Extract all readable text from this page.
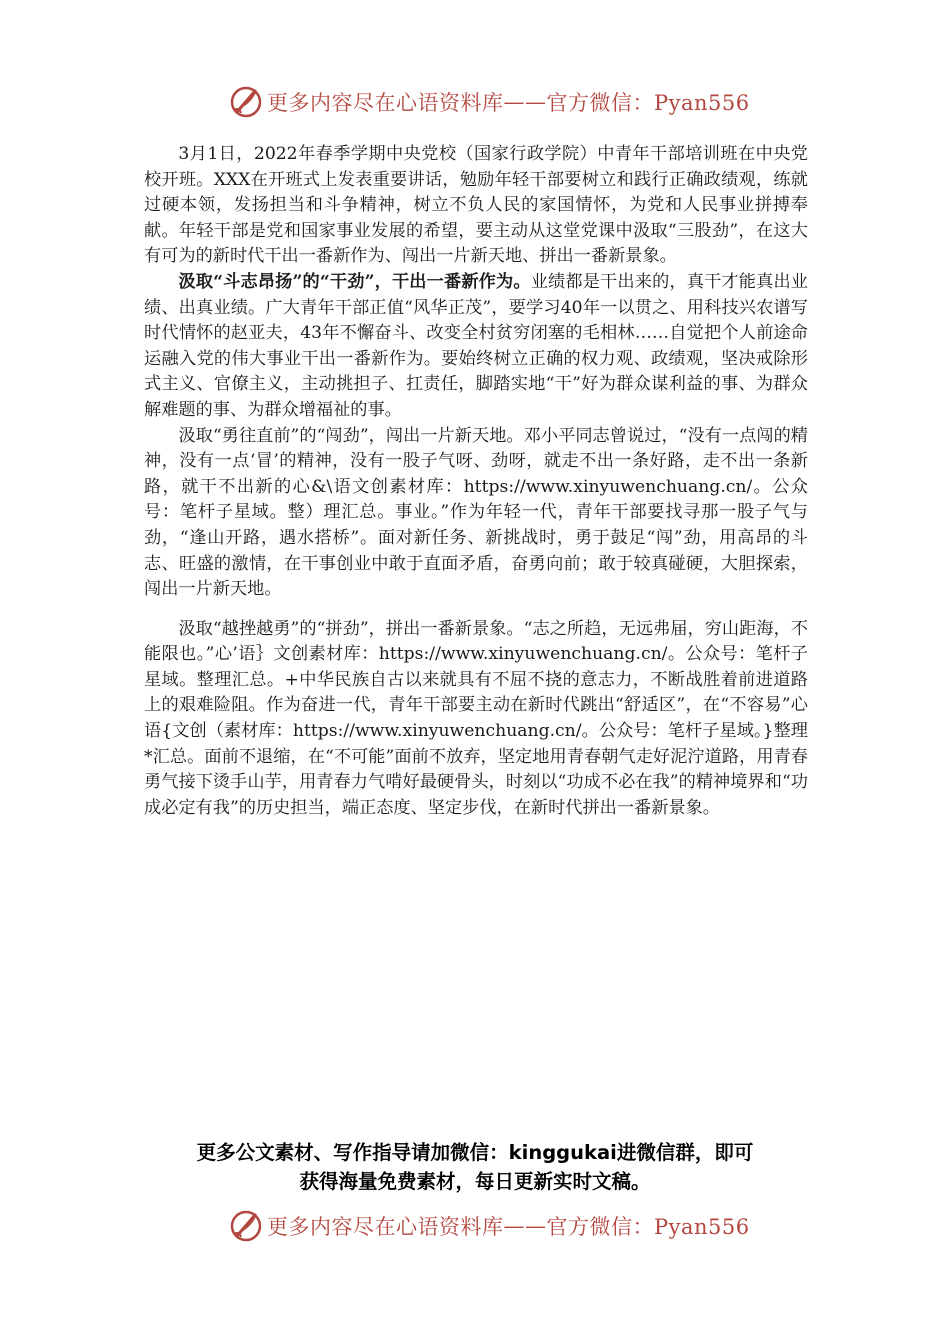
更多内容尽在心语资料库 —— 官方微信：Pyan556

3月1日，2022年春季学期中央党校（国家行政学院）中青年干部培训班在中央党校开班。XXX在开班式上发表重要讲话，勉励年轻干部要树立和践行正确政绩观，练就过硬本领，发扬担当和斗争精神，树立不负人民的家国情怀，为党和人民事业拼搏奉献。年轻干部是党和国家事业发展的希望，要主动从这堂党课中汲取“三股劲”，在这大有可为的新时代干出一番新作为、闯出一片新天地、拼出一番新景象。

汲取“斗志昂扬”的“干劲”，干出一番新作为。业绩都是干出来的，真干才能真出业绩、出真业绩。广大青年干部正值“风华正茂”，要学习40年一以贯之、用科技兴农谱写时代情怀的赵亚夫，43年不懈奋斗、改变全村贫穷闭塞的毛相林……自觉把个人前途命运融入党的伟大事业干出一番新作为。要始终树立正确的权力观、政绩观，坚决戒除形式主义、官僚主义，主动挑担子、扛责任，脚踏实地“干”好为群众谋利益的事、为群众解难题的事、为群众增福祉的事。

汲取“勇往直前”的“闯劲”，闯出一片新天地。邓小平同志曾说过，“没有一点闯的精神，没有一点‘冒’的精神，没有一股子气呀、劲呀，就走不出一条好路，走不出一条新路，就干不出新的心&\语文创素材库：https://www.xinyuwenchuang.cn/。公众号：笔杆子星域。整）理汇总。事业。”作为年轻一代，青年干部要找寻那一股子气与劲，“逢山开路，遇水搭桥”。面对新任务、新挑战时，勇于鼓足“闯”劲，用高昂的斗志、旺盛的激情，在干事创业中敢于直面矛盾，奋勇向前；敢于较真碰硬，大胆探索，闯出一片新天地。

汲取“越挫越勇”的“拼劲”，拼出一番新景象。“志之所趋，无远弗届，穷山距海，不能限也。”心’语｝文创素材库：https://www.xinyuwenchuang.cn/。公众号：笔杆子星域。整理汇总。+中华民族自古以来就具有不屈不挠的意志力，不断战胜着前进道路上的艰难险阻。作为奋进一代，青年干部要主动在新时代跳出“舒适区”，在“不容易”心语{文创（素材库：https://www.xinyuwenchuang.cn/。公众号：笔杆子星域。}整理*汇总。面前不退缩，在“不可能”面前不放弃，坚定地用青春朝气走好泥泞道路，用青春勇气接下烫手山芋，用青春力气啃好最硬骨头，时刻以“功成不必在我”的精神境界和“功成必定有我”的历史担当，端正态度、坚定步伐，在新时代拼出一番新景象。

更多公文素材、写作指导请加微信：kinggukai进微信群，即可
获得海量免费素材，每日更新实时文稿。
更多内容尽在心语资料库 —— 官方微信：Pyan556
